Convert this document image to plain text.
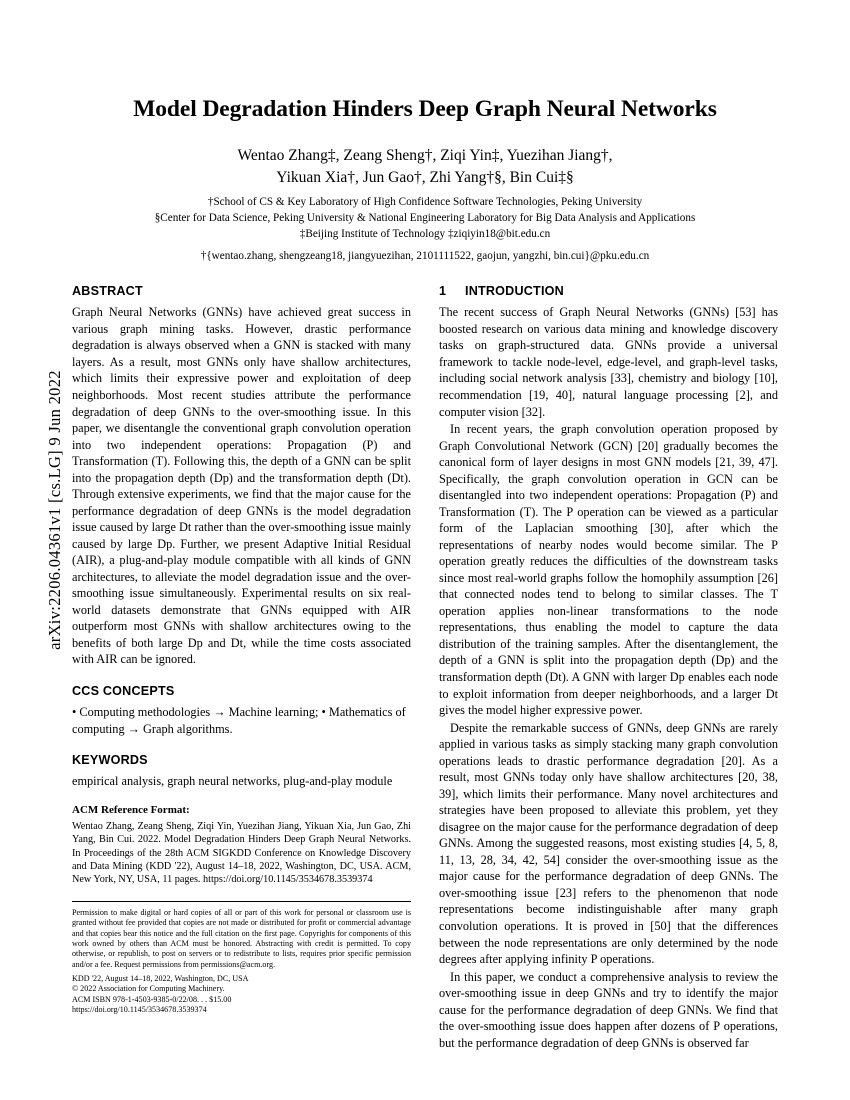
arXiv:2206.04361v1 [cs.LG] 9 Jun 2022
Model Degradation Hinders Deep Graph Neural Networks
Wentao Zhang‡, Zeang Sheng†, Ziqi Yin‡, Yuezihan Jiang†,
Yikuan Xia†, Jun Gao†, Zhi Yang†§, Bin Cui‡§
†School of CS & Key Laboratory of High Confidence Software Technologies, Peking University
§Center for Data Science, Peking University & National Engineering Laboratory for Big Data Analysis and Applications
‡Beijing Institute of Technology ‡ziqiyin18@bit.edu.cn
†{wentao.zhang, shengzeang18, jiangyuezihan, 2101111522, gaojun, yangzhi, bin.cui}@pku.edu.cn
ABSTRACT

Graph Neural Networks (GNNs) have achieved great success in various graph mining tasks. However, drastic performance degradation is always observed when a GNN is stacked with many layers. As a result, most GNNs only have shallow architectures, which limits their expressive power and exploitation of deep neighborhoods. Most recent studies attribute the performance degradation of deep GNNs to the over-smoothing issue. In this paper, we disentangle the conventional graph convolution operation into two independent operations: Propagation (P) and Transformation (T). Following this, the depth of a GNN can be split into the propagation depth (Dp) and the transformation depth (Dt). Through extensive experiments, we find that the major cause for the performance degradation of deep GNNs is the model degradation issue caused by large Dt rather than the over-smoothing issue mainly caused by large Dp. Further, we present Adaptive Initial Residual (AIR), a plug-and-play module compatible with all kinds of GNN architectures, to alleviate the model degradation issue and the over-smoothing issue simultaneously. Experimental results on six real-world datasets demonstrate that GNNs equipped with AIR outperform most GNNs with shallow architectures owing to the benefits of both large Dp and Dt, while the time costs associated with AIR can be ignored.

CCS CONCEPTS

• Computing methodologies → Machine learning; • Mathematics of computing → Graph algorithms.

KEYWORDS

empirical analysis, graph neural networks, plug-and-play module

ACM Reference Format:
Wentao Zhang, Zeang Sheng, Ziqi Yin, Yuezihan Jiang, Yikuan Xia, Jun Gao, Zhi Yang, Bin Cui. 2022. Model Degradation Hinders Deep Graph Neural Networks. In Proceedings of the 28th ACM SIGKDD Conference on Knowledge Discovery and Data Mining (KDD '22), August 14–18, 2022, Washington, DC, USA. ACM, New York, NY, USA, 11 pages. https://doi.org/10.1145/3534678.3539374
Permission to make digital or hard copies of all or part of this work for personal or classroom use is granted without fee provided that copies are not made or distributed for profit or commercial advantage and that copies bear this notice and the full citation on the first page. Copyrights for components of this work owned by others than ACM must be honored. Abstracting with credit is permitted. To copy otherwise, or republish, to post on servers or to redistribute to lists, requires prior specific permission and/or a fee. Request permissions from permissions@acm.org.
KDD '22, August 14–18, 2022, Washington, DC, USA
© 2022 Association for Computing Machinery.
ACM ISBN 978-1-4503-9385-0/22/08. . . $15.00
https://doi.org/10.1145/3534678.3539374
1	INTRODUCTION

The recent success of Graph Neural Networks (GNNs) [53] has boosted research on various data mining and knowledge discovery tasks on graph-structured data. GNNs provide a universal framework to tackle node-level, edge-level, and graph-level tasks, including social network analysis [33], chemistry and biology [10], recommendation [19, 40], natural language processing [2], and computer vision [32].

In recent years, the graph convolution operation proposed by Graph Convolutional Network (GCN) [20] gradually becomes the canonical form of layer designs in most GNN models [21, 39, 47]. Specifically, the graph convolution operation in GCN can be disentangled into two independent operations: Propagation (P) and Transformation (T). The P operation can be viewed as a particular form of the Laplacian smoothing [30], after which the representations of nearby nodes would become similar. The P operation greatly reduces the difficulties of the downstream tasks since most real-world graphs follow the homophily assumption [26] that connected nodes tend to belong to similar classes. The T operation applies non-linear transformations to the node representations, thus enabling the model to capture the data distribution of the training samples. After the disentanglement, the depth of a GNN is split into the propagation depth (Dp) and the transformation depth (Dt). A GNN with larger Dp enables each node to exploit information from deeper neighborhoods, and a larger Dt gives the model higher expressive power.

Despite the remarkable success of GNNs, deep GNNs are rarely applied in various tasks as simply stacking many graph convolution operations leads to drastic performance degradation [20]. As a result, most GNNs today only have shallow architectures [20, 38, 39], which limits their performance. Many novel architectures and strategies have been proposed to alleviate this problem, yet they disagree on the major cause for the performance degradation of deep GNNs. Among the suggested reasons, most existing studies [4, 5, 8, 11, 13, 28, 34, 42, 54] consider the over-smoothing issue as the major cause for the performance degradation of deep GNNs. The over-smoothing issue [23] refers to the phenomenon that node representations become indistinguishable after many graph convolution operations. It is proved in [50] that the differences between the node representations are only determined by the node degrees after applying infinity P operations.

In this paper, we conduct a comprehensive analysis to review the over-smoothing issue in deep GNNs and try to identify the major cause for the performance degradation of deep GNNs. We find that the over-smoothing issue does happen after dozens of P operations, but the performance degradation of deep GNNs is observed far
